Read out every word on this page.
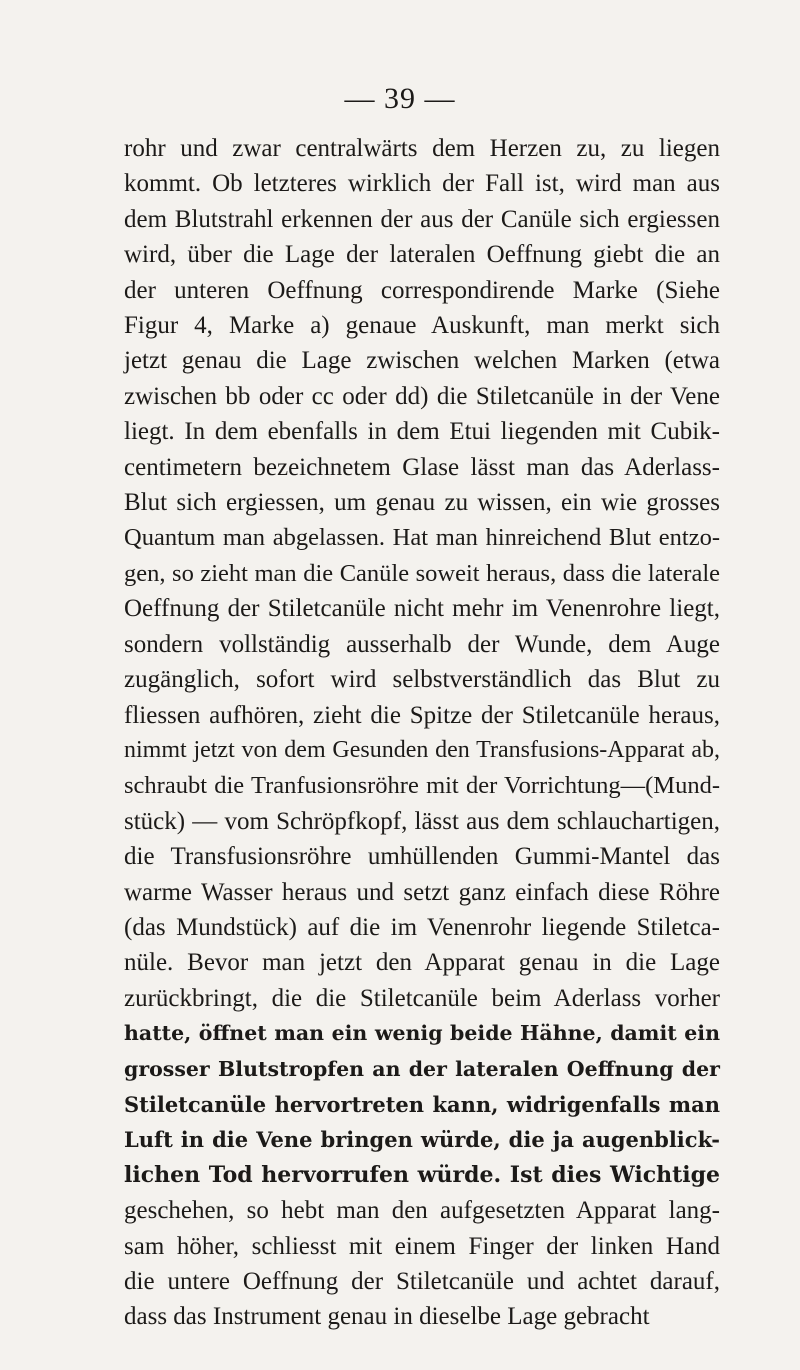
— 39 —
rohr und zwar centralwärts dem Herzen zu, zu liegen
kommt. Ob letzteres wirklich der Fall ist, wird man aus
dem Blutstrahl erkennen der aus der Canüle sich ergiessen
wird, über die Lage der lateralen Oeffnung giebt die an
der unteren Oeffnung correspondirende Marke (Siehe
Figur 4, Marke a) genaue Auskunft, man merkt sich
jetzt genau die Lage zwischen welchen Marken (etwa
zwischen bb oder cc oder dd) die Stiletcanüle in der Vene
liegt. In dem ebenfalls in dem Etui liegenden mit Cubik-
centimetern bezeichnetem Glase lässt man das Aderlass-
Blut sich ergiessen, um genau zu wissen, ein wie grosses
Quantum man abgelassen. Hat man hinreichend Blut entzo-
gen, so zieht man die Canüle soweit heraus, dass die laterale
Oeffnung der Stiletcanüle nicht mehr im Venenrohre liegt,
sondern vollständig ausserhalb der Wunde, dem Auge
zugänglich, sofort wird selbstverständlich das Blut zu
fliessen aufhören, zieht die Spitze der Stiletcanüle heraus,
nimmt jetzt von dem Gesunden den Transfusions-Apparat ab,
schraubt die Tranfusionsröhre mit der Vorrichtung—(Mund-
stück) — vom Schröpfkopf, lässt aus dem schlauchartigen,
die Transfusionsröhre umhüllenden Gummi-Mantel das
warme Wasser heraus und setzt ganz einfach diese Röhre
(das Mundstück) auf die im Venenrohr liegende Stiletca-
nüle. Bevor man jetzt den Apparat genau in die Lage
zurückbringt, die die Stiletcanüle beim Aderlass vorher
hatte, öffnet man ein wenig beide Hähne, damit ein
grosser Blutstropfen an der lateralen Oeffnung der
Stiletcanüle hervortreten kann, widrigenfalls man
Luft in die Vene bringen würde, die ja augenblick-
lichen Tod hervorrufen würde. Ist dies Wichtige
geschehen, so hebt man den aufgesetzten Apparat lang-
sam höher, schliesst mit einem Finger der linken Hand
die untere Oeffnung der Stiletcanüle und achtet darauf,
dass das Instrument genau in dieselbe Lage gebracht
